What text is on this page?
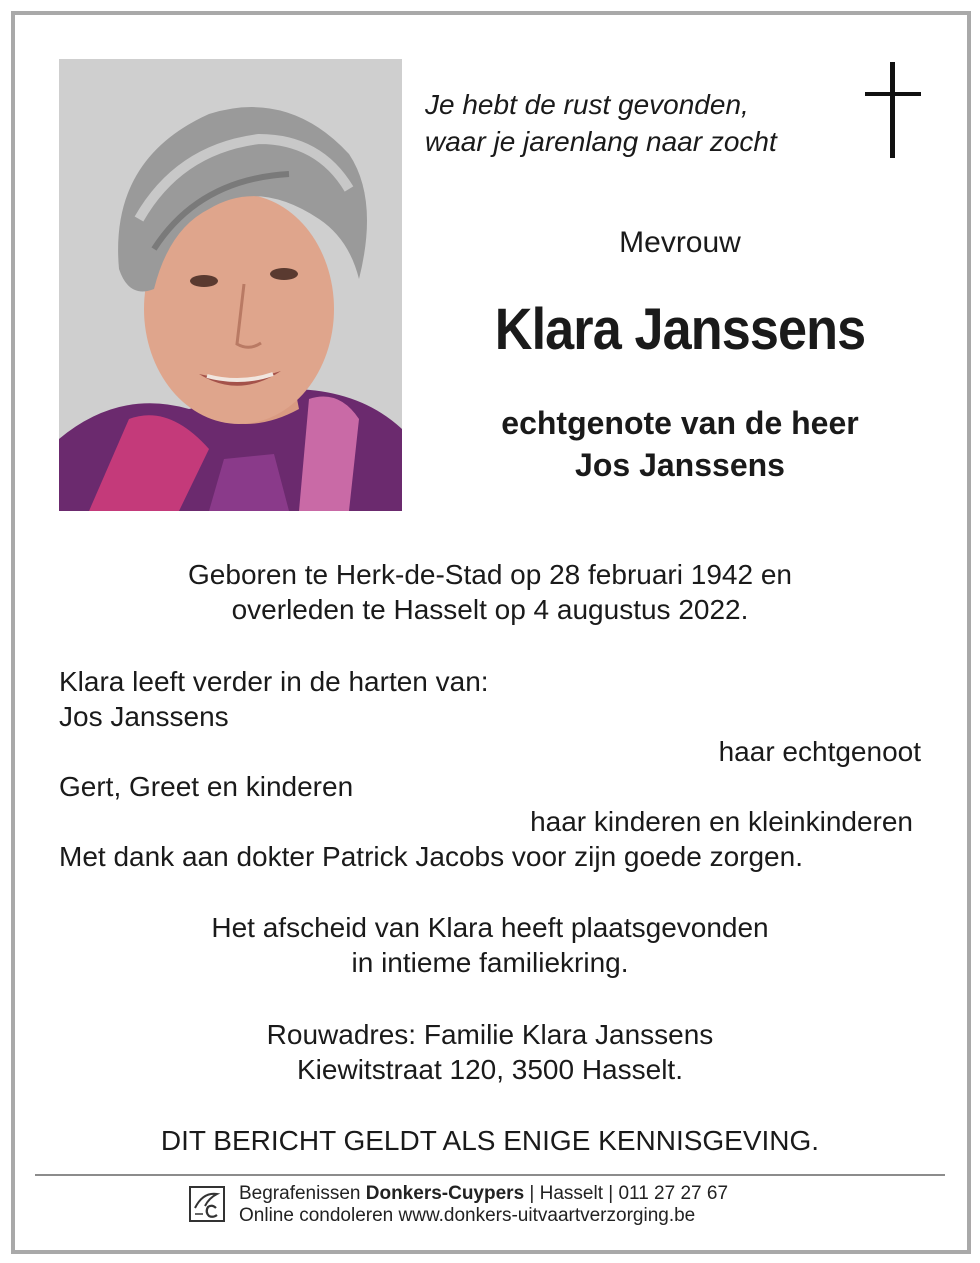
Je hebt de rust gevonden,
waar je jarenlang naar zocht
Mevrouw
Klara Janssens
echtgenote van de heer
Jos Janssens
Geboren te Herk-de-Stad op 28 februari 1942 en
overleden te Hasselt op 4 augustus 2022.
Klara leeft verder in de harten van:
Jos Janssens
haar echtgenoot
Gert, Greet en kinderen
haar kinderen en kleinkinderen
Met dank aan dokter Patrick Jacobs voor zijn goede zorgen.
Het afscheid van Klara heeft plaatsgevonden
in intieme familiekring.
Rouwadres: Familie Klara Janssens
Kiewitstraat 120, 3500 Hasselt.
DIT BERICHT GELDT ALS ENIGE KENNISGEVING.
Begrafenissen Donkers-Cuypers | Hasselt | 011 27 27 67
Online condoleren www.donkers-uitvaartverzorging.be
